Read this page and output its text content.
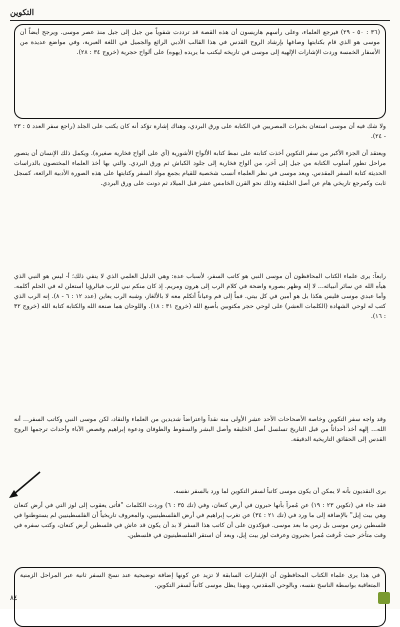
التكوين

(٣٦ : ٥٠ - ٢٩) فيرجع العلماء، وعلى رأسهم هاريسون أن هذه القصة قد ترددت شفوياً من جيل إلى جيل منذ عصر موسى. ويرجح أيضاً أن موسى هو الذي قام بكتابتها وصاغها بإرشاد الروح القدس في هذا القالب الأدبي الرائع والجميل في اللغة العبرية، وفي مواضع عديدة من الأسفار الخمسة وردت الإشارات الإلهية إلى موسى في تاريخه ليكتب ما يريده (يهوه) على ألواح حجرية (خروج ٣٤ : ٢٨).

ولا شك فيه أن موسى استعان بخبرات المصريين في الكتابة على ورق البردي، وهناك إشارة تؤكد أنه كان يكتب على الجلد (راجع سفر العدد ٥ : ٢٣ - ٢٤).

ويعتقد أن الجزء الأكبر من سفر التكوين أخذت كتابته على نمط كتابة الألواح الأشورية (أي على ألواح فخارية صغيرة). ويكمل ذلك الإنسان أن يتصور مراحل تطور أسلوب الكتابة من جيل إلى آخر، من ألواح فخارية إلى جلود الكباش ثم ورق البردي. والتي بها أخذ العلماء المختصون بالدراسات الحديثة كتابة السفر المقدس. ويعد موسى في نظر العلماء أنسب شخصية للقيام بجمع مواد السفر وكتابتها على هذه الصورة الأدبية الرائعة، كسجل ثابت وكمرجع تاريخي هام عن أصل الخليقة وذلك نحو القرن الخامس عشر قبل الميلاد ثم دونت على ورق البردي.

رابعاً: يرى علماء الكتاب المحافظون أن موسى النبي هو كاتب السفر، لأسباب عدة: وهي الدليل العلمي الذي لا ينفي ذلك؛ أ- ليس هو النبي الذي هيأه الله عن سائر أنبيائه... لا إله وظهر بصورة واضحة في كلام الرب إلى هرون ومريم. إذ كان منكم نبي للرب فبالرؤيا أستعلن له في الحلم أكلمه. وأما عبدي موسى فليس هكذا بل هو أمين في كل بيتي. فماً إلى فم وعياناً أتكلم معه لا بالألغاز، وشبه الرب يعاين (عدد ١٢ : ٦ - ٨). إنه الرب الذي كتب له لوحي الشهادة (الكلمات العشر) على لوحي حجر مكتوبين بأصبع الله (خروج ٣١ : ١٨). واللوحان هما صنعة الله والكتابة كتابة الله (خروج ٣٢ : ١٦).

وقد واجه سفر التكوين وخاصة الأصحاحات الأحد عشر الأولى منه نقداً واعتراضاً شديدين من العلماء والنقاد، لكن موسى النبي وكاتب السفر... أنه الله... إلهه أخذ أحداثاً من قبل التاريخ تسلسل أصل الخليقة وأصل البشر والسقوط والطوفان ودعوة إبراهيم وقصص الآباء وأحداث ترجمها الروح القدس إلى الحقائق التاريخية الدقيقة.

يرى النقديون بأنه لا يمكن أن يكون موسى كاتباً لسفر التكوين لما ورد بالسفر نفسه.

فقد جاء في (تكوين ٢٣ : ١٩) عن مُمراً بأنها حبرون في أرض كنعان، وفي (تك ٣٥ : ٦) وردت الكلمات "فأتى يعقوب إلى لوز التي في أرض كنعان وهي بيت إيل" بالإضافة إلى ما ورد في (تك ٢١ : ٣٤) عن تغرب إبراهيم في أرض الفلسطينيين، والمعروف تاريخياً أن الفلسطينيين لم يستوطنوا في فلسطين زمن موسى بل زمن ما بعد موسى. فيؤكدون على أن كاتب هذا السفر لا بد أن يكون قد عاش في فلسطين أرض كنعان، وكتب سفره في وقت متأخر حيث عُرفت مُمرا بحبرون وعرفت لوز بيت إيل، وبعد أن استقر الفلسطينيون في فلسطين.

في هذا يرى علماء الكتاب المحافظون أن الإشارات السابقة لا تزيد عن كونها إضافة توضيحية عند نسخ السفر ثانية عبر المراحل الزمنية المتعاقبة بواسطة الناسخ نفسه، وبالوحي المقدس، وبهذا يظل موسى كاتباً لسفر التكوين.

٨٤
